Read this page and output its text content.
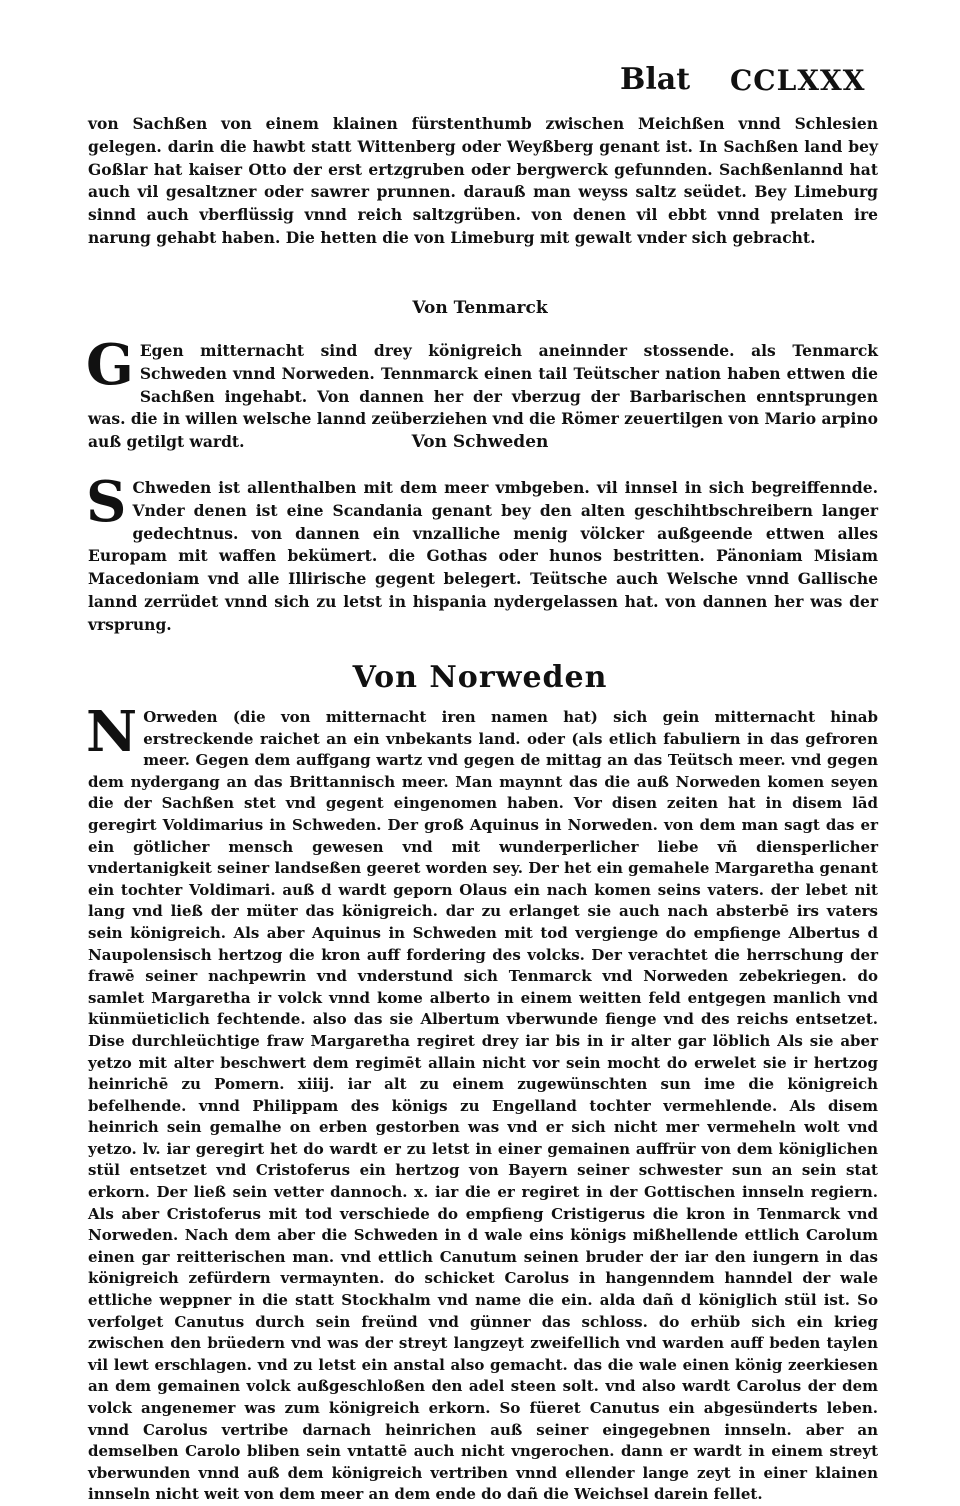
Blat CCLXXX

von Sachßen von einem klainen fürstenthumb zwischen Meichßen vnnd Schlesien gelegen. darin die hawbt statt Wittenberg oder Weyßberg genant ist. In Sachßen land bey Goßlar hat kaiser Otto der erst ertzgruben oder bergwerck gefunnden. Sachßenlannd hat auch vil gesaltzner oder sawrer prunnen. darauß man weyss saltz seüdet. Bey Limeburg sinnd auch vberflüssig vnnd reich saltzgrüben. von denen vil ebbt vnnd prelaten ire narung gehabt haben. Die hetten die von Limeburg mit gewalt vnder sich gebracht.

Von Tenmarck

G Egen mitternacht sind drey königreich aneinnder stossende. als Tenmarck Schweden vnnd Norweden. Tennmarck einen tail Teütscher nation haben ettwen die Sachßen ingehabt. Von dannen her der vberzug der Barbarischen enntsprungen was. die in willen welsche lannd zeüberziehen vnd die Römer zeuertilgen von Mario arpino auß getilgt wardt.	Von Schweden

S Chweden ist allenthalben mit dem meer vmbgeben. vil innsel in sich begreiffennde. Vnder denen ist eine Scandania genant bey den alten geschihtbschreibern langer gedechtnus. von dannen ein vnzalliche menig völcker außgeende ettwen alles Europam mit waffen bekümert. die Gothas oder hunos bestritten. Pänoniam Misiam Macedoniam vnd alle Illirische gegent belegert. Teütsche auch Welsche vnnd Gallische lannd zerrüdet vnnd sich zu letst in hispania nydergelassen hat. von dannen her was der vrsprung.

Von Norweden

N Orweden (die von mitternacht iren namen hat) sich gein mitternacht hinab erstreckende raichet an ein vnbekants land. oder (als etlich fabuliern in das gefroren meer. Gegen dem auffgang wartz vnd gegen de mittag an das Teütsch meer. vnd gegen dem nydergang an das Brittannisch meer. Man maynnt das die auß Norweden komen seyen die der Sachßen stet vnd gegent eingenomen haben. Vor disen zeiten hat in disem lād geregirt Voldimarius in Schweden. Der groß Aquinus in Norweden. von dem man sagt das er ein götlicher mensch gewesen vnd mit wunderperlicher liebe vñ diensperlicher vndertanigkeit seiner landseßen geeret worden sey. Der het ein gemahele Margaretha genant ein tochter Voldimari. auß d wardt geporn Olaus ein nach komen seins vaters. der lebet nit lang vnd ließ der müter das königreich. dar zu erlanget sie auch nach absterbē irs vaters sein königreich. Als aber Aquinus in Schweden mit tod vergienge do empfienge Albertus d Naupolensisch hertzog die kron auff fordering des volcks. Der verachtet die herrschung der frawē seiner nachpewrin vnd vnderstund sich Tenmarck vnd Norweden zebekriegen. do samlet Margaretha ir volck vnnd kome alberto in einem weitten feld entgegen manlich vnd künmüeticlich fechtende. also das sie Albertum vberwunde fienge vnd des reichs entsetzet. Dise durchleüchtige fraw Margaretha regiret drey iar bis in ir alter gar löblich Als sie aber yetzo mit alter beschwert dem regimēt allain nicht vor sein mocht do erwelet sie ir hertzog heinrichē zu Pomern. xiiij. iar alt zu einem zugewünschten sun ime die königreich befelhende. vnnd Philippam des königs zu Engelland tochter vermehlende. Als disem heinrich sein gemalhe on erben gestorben was vnd er sich nicht mer vermeheln wolt vnd yetzo. lv. iar geregirt het do wardt er zu letst in einer gemainen auffrür von dem königlichen stül entsetzet vnd Cristoferus ein hertzog von Bayern seiner schwester sun an sein stat erkorn. Der ließ sein vetter dannoch. x. iar die er regiret in der Gottischen innseln regiern. Als aber Cristoferus mit tod verschiede do empfieng Cristigerus die kron in Tenmarck vnd Norweden. Nach dem aber die Schweden in d wale eins königs mißhellende ettlich Carolum einen gar reitterischen man. vnd ettlich Canutum seinen bruder der iar den iungern in das königreich zefürdern vermaynten. do schicket Carolus in hangenndem hanndel der wale ettliche weppner in die statt Stockhalm vnd name die ein. alda dañ d königlich stül ist. So verfolget Canutus durch sein freünd vnd günner das schloss. do erhüb sich ein krieg zwischen den brüedern vnd was der streyt langzeyt zweifellich vnd warden auff beden taylen vil lewt erschlagen. vnd zu letst ein anstal also gemacht. das die wale einen könig zeerkiesen an dem gemainen volck außgeschloßen den adel steen solt. vnd also wardt Carolus der dem volck angenemer was zum königreich erkorn. So füeret Canutus ein abgesünderts leben. vnnd Carolus vertribe darnach heinrichen auß seiner eingegebnen innseln. aber an demselben Carolo bliben sein vntattē auch nicht vngerochen. dann er wardt in einem streyt vberwunden vnnd auß dem königreich vertriben vnnd ellender lange zeyt in einer klainen innseln nicht weit von dem meer an dem ende do dañ die Weichsel darein fellet.
